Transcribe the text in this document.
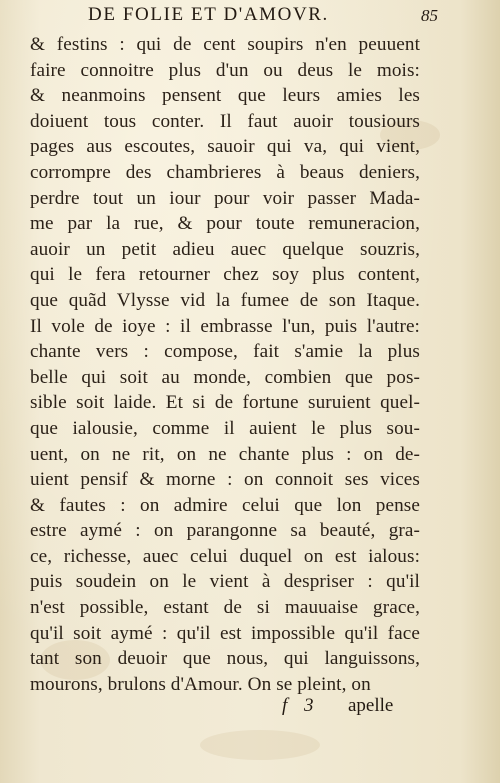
DE FOLIE ET D'AMOVR.	85
& festins : qui de cent soupirs n'en peuuent
faire connoitre plus d'un ou deus le mois:
& neanmoins pensent que leurs amies les
doiuent tous conter. Il faut auoir tousiours
pages aus escoutes, sauoir qui va, qui vient,
corrompre des chambrieres à beaus deniers,
perdre tout un iour pour voir passer Mada-
me par la rue, & pour toute remuneracion,
auoir un petit adieu auec quelque souzris,
qui le fera retourner chez soy plus content,
que quãd Vlysse vid la fumee de son Itaque.
Il vole de ioye : il embrasse l'un, puis l'autre:
chante vers : compose, fait s'amie la plus
belle qui soit au monde, combien que pos-
sible soit laide. Et si de fortune suruient quel-
que ialousie, comme il auient le plus sou-
uent, on ne rit, on ne chante plus : on de-
uient pensif & morne : on connoit ses vices
& fautes : on admire celui que lon pense
estre aymé : on parangonne sa beauté, gra-
ce, richesse, auec celui duquel on est ialous:
puis soudein on le vient à despriser : qu'il
n'est possible, estant de si mauuaise grace,
qu'il soit aymé : qu'il est impossible qu'il face
tant son deuoir que nous, qui languissons,
mourons, brulons d'Amour. On se pleint, on
f 3 apelle
